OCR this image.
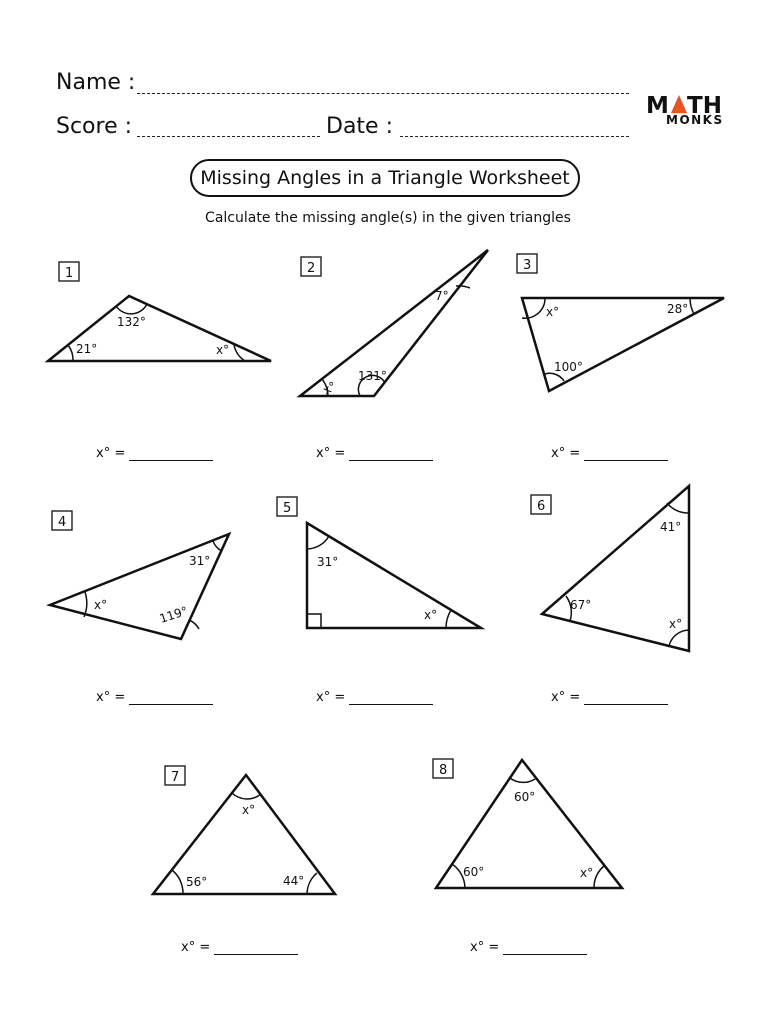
Name :
Score :	Date :
M TH
MONKS
Missing Angles in a Triangle Worksheet
Calculate the missing angle(s) in the given triangles
1	2	3
4
5	6
7	8
132°
21°	x°
7°
x°
131°
x°	28°
100°
31°
x°	119°
31°
x°
41°
67°
x°
x°
56°	44°
60°
60°	x°
x° =	x° =	x° =
x° =	x° =	x° =
x° =	x° =
